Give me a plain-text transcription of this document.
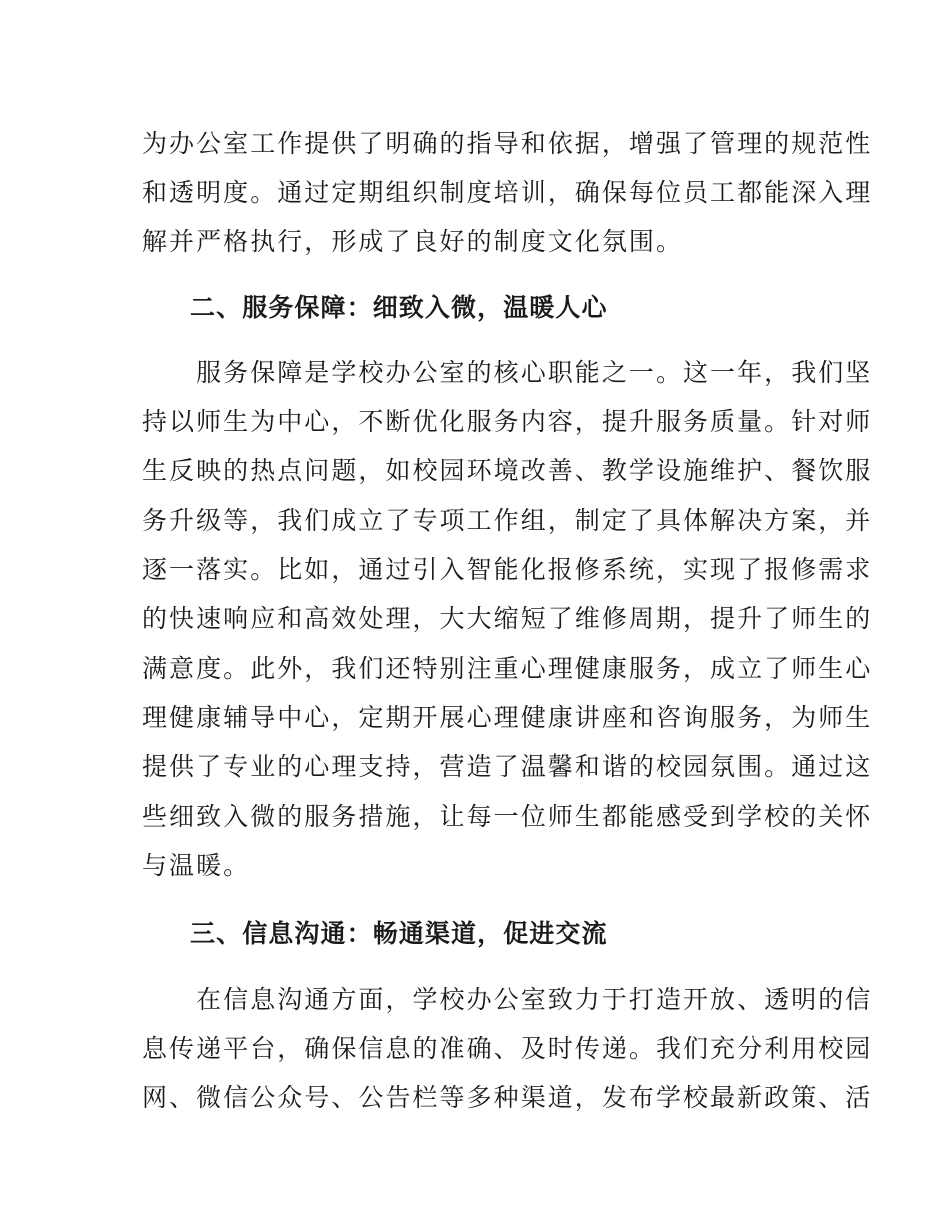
为办公室工作提供了明确的指导和依据，增强了管理的规范性
和透明度。通过定期组织制度培训，确保每位员工都能深入理
解并严格执行，形成了良好的制度文化氛围。
二、服务保障：细致入微，温暖人心
　　服务保障是学校办公室的核心职能之一。这一年，我们坚
持以师生为中心，不断优化服务内容，提升服务质量。针对师
生反映的热点问题，如校园环境改善、教学设施维护、餐饮服
务升级等，我们成立了专项工作组，制定了具体解决方案，并
逐一落实。比如，通过引入智能化报修系统，实现了报修需求
的快速响应和高效处理，大大缩短了维修周期，提升了师生的
满意度。此外，我们还特别注重心理健康服务，成立了师生心
理健康辅导中心，定期开展心理健康讲座和咨询服务，为师生
提供了专业的心理支持，营造了温馨和谐的校园氛围。通过这
些细致入微的服务措施，让每一位师生都能感受到学校的关怀
与温暖。
三、信息沟通：畅通渠道，促进交流
　　在信息沟通方面，学校办公室致力于打造开放、透明的信
息传递平台，确保信息的准确、及时传递。我们充分利用校园
网、微信公众号、公告栏等多种渠道，发布学校最新政策、活
